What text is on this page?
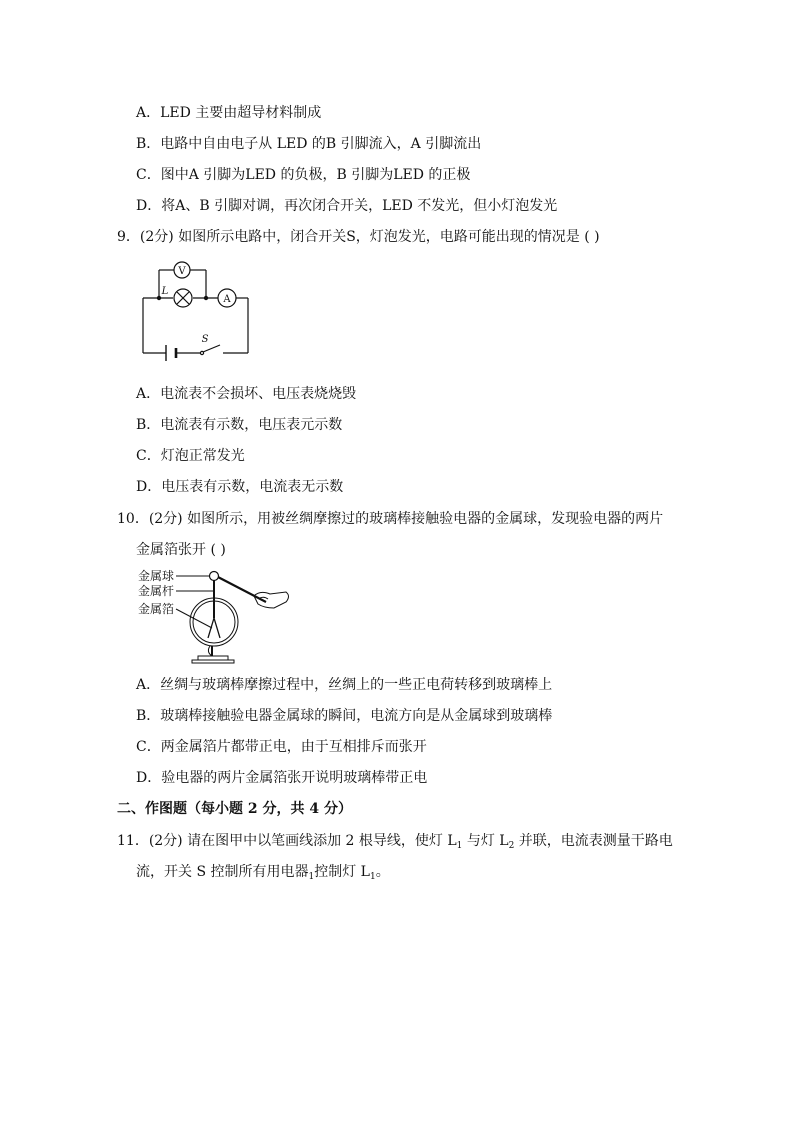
A．LED 主要由超导材料制成
B．电路中自由电子从 LED 的B 引脚流入，A 引脚流出
C．图中A 引脚为LED 的负极，B 引脚为LED 的正极
D．将A、B 引脚对调，再次闭合开关，LED 不发光，但小灯泡发光
9．(2分) 如图所示电路中，闭合开关S，灯泡发光，电路可能出现的情况是 ( )
V
L
A
S
A．电流表不会损坏、电压表烧烧毁
B．电流表有示数，电压表元示数
C．灯泡正常发光
D．电压表有示数，电流表无示数
10．(2分) 如图所示，用被丝绸摩擦过的玻璃棒接触验电器的金属球，发现验电器的两片
金属箔张开 ( )
金属球
金属杆
金属箔
A．丝绸与玻璃棒摩擦过程中，丝绸上的一些正电荷转移到玻璃棒上
B．玻璃棒接触验电器金属球的瞬间，电流方向是从金属球到玻璃棒
C．两金属箔片都带正电，由于互相排斥而张开
D．验电器的两片金属箔张开说明玻璃棒带正电
二、作图题（每小题 2 分，共 4 分）
11．(2分) 请在图甲中以笔画线添加 2 根导线，使灯 $L_1$ 与灯 $L_2$ 并联，电流表测量干路电
流，开关 S 控制所有用电器$_1$控制灯 $L_1$。
